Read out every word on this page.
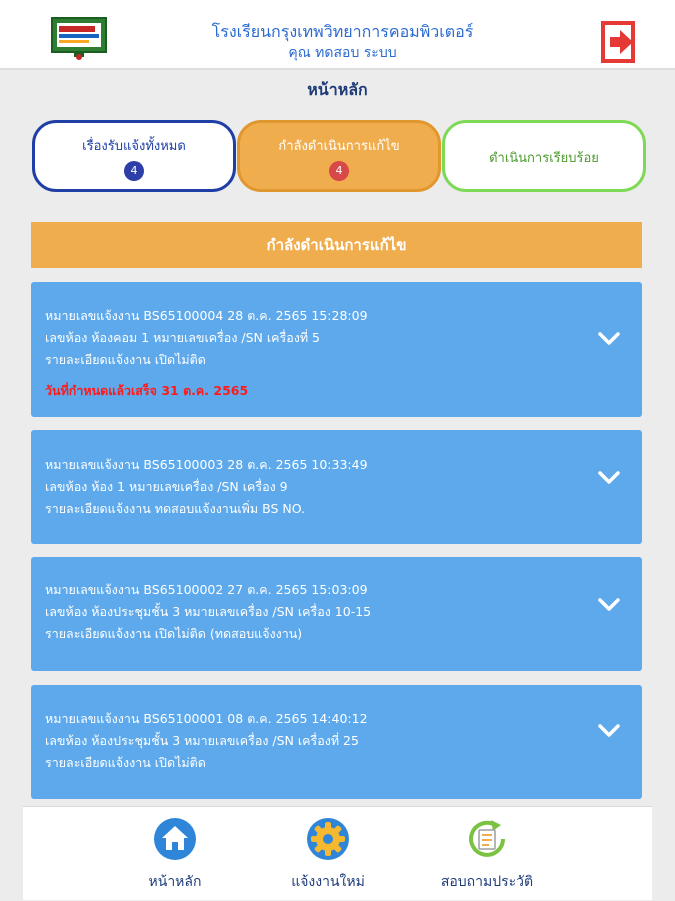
โรงเรียนกรุงเทพวิทยาการคอมพิวเตอร์
คุณ ทดสอบ ระบบ
หน้าหลัก
เรื่องรับแจ้งทั้งหมด
4
กำลังดำเนินการแก้ไข
4
ดำเนินการเรียบร้อย
กำลังดำเนินการแก้ไข
หมายเลขแจ้งงาน BS65100004 28 ต.ค. 2565 15:28:09
เลขห้อง ห้องคอม 1 หมายเลขเครื่อง /SN เครื่องที่ 5
รายละเอียดแจ้งงาน เปิดไม่ติด
วันที่กำหนดแล้วเสร็จ 31 ต.ค. 2565
หมายเลขแจ้งงาน BS65100003 28 ต.ค. 2565 10:33:49
เลขห้อง ห้อง 1 หมายเลขเครื่อง /SN เครื่อง 9
รายละเอียดแจ้งงาน ทดสอบแจ้งงานเพิ่ม BS NO.
หมายเลขแจ้งงาน BS65100002 27 ต.ค. 2565 15:03:09
เลขห้อง ห้องประชุมชั้น 3 หมายเลขเครื่อง /SN เครื่อง 10-15
รายละเอียดแจ้งงาน เปิดไม่ติด (ทดสอบแจ้งงาน)
หมายเลขแจ้งงาน BS65100001 08 ต.ค. 2565 14:40:12
เลขห้อง ห้องประชุมชั้น 3 หมายเลขเครื่อง /SN เครื่องที่ 25
รายละเอียดแจ้งงาน เปิดไม่ติด
หน้าหลัก	แจ้งงานใหม่	สอบถามประวัติ
